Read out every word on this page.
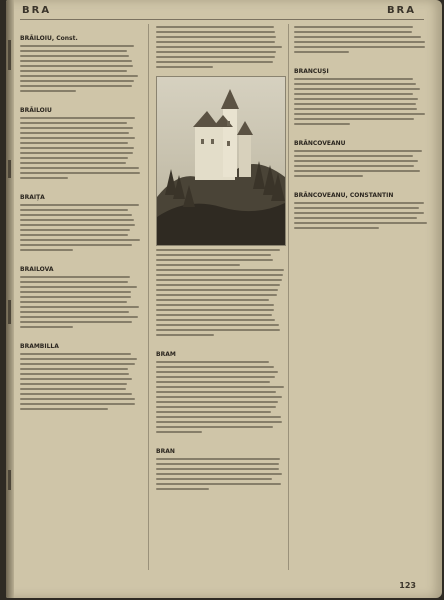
BRA	BRA
BRĂILOIU, Const.
BRĂILOIU
BRAIȚA
BRAILOVA
BRAMBILLA
BRAM
BRAN
BRANCUȘI
BRÂNCOVEANU
BRÂNCOVEANU, CONSTANTIN
123
